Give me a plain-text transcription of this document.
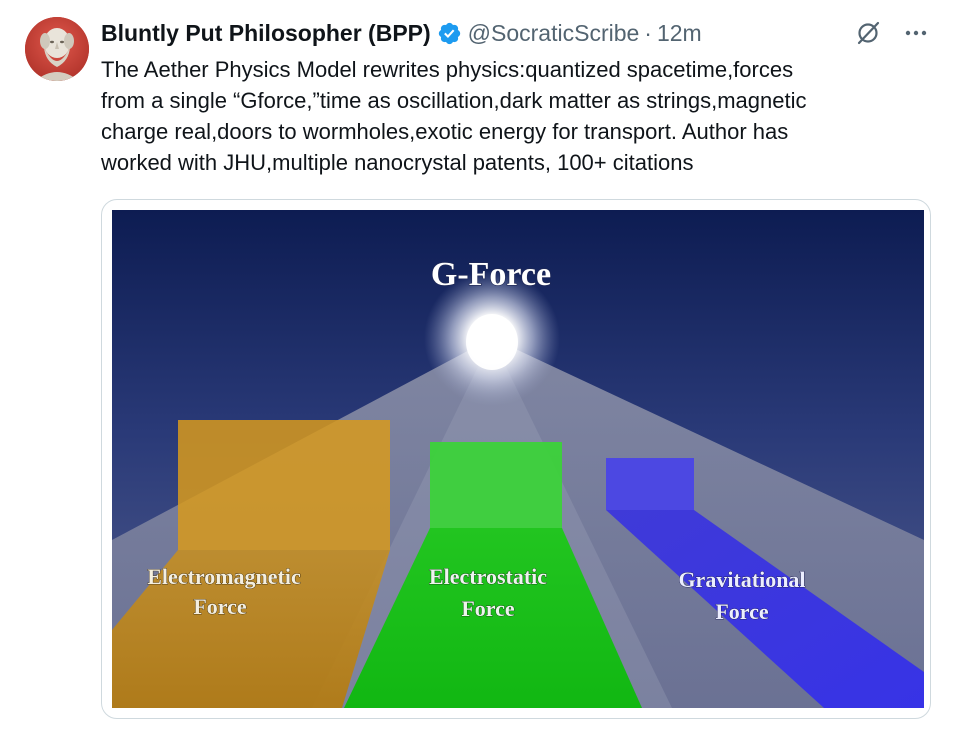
Bluntly Put Philosopher (BPP) @SocraticScribe · 12m
The Aether Physics Model rewrites physics:quantized spacetime,forces
from a single “Gforce,”time as oscillation,dark matter as strings,magnetic
charge real,doors to wormholes,exotic energy for transport. Author has
worked with JHU,multiple nanocrystal patents, 100+ citations
G-Force
Electromagnetic
Force
Electrostatic
Force
Gravitational
Force
